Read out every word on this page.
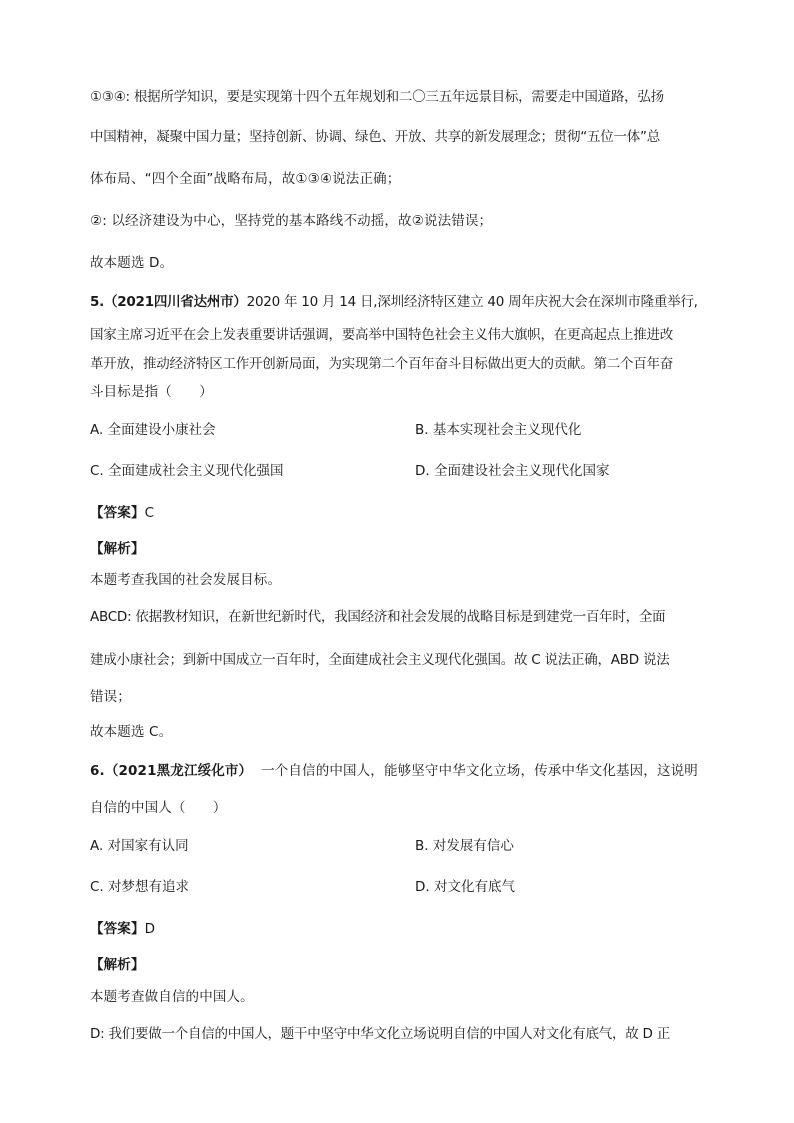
①③④: 根据所学知识，要是实现第十四个五年规划和二〇三五年远景目标，需要走中国道路，弘扬
中国精神，凝聚中国力量；坚持创新、协调、绿色、开放、共享的新发展理念；贯彻“五位一体”总
体布局、“四个全面”战略布局，故①③④说法正确；
②: 以经济建设为中心，坚持党的基本路线不动摇，故②说法错误；
故本题选 D。
5.（2021四川省达州市）2020 年 10 月 14 日,深圳经济特区建立 40 周年庆祝大会在深圳市隆重举行,
国家主席习近平在会上发表重要讲话强调，要高举中国特色社会主义伟大旗帜，在更高起点上推进改
革开放，推动经济特区工作开创新局面，为实现第二个百年奋斗目标做出更大的贡献。第二个百年奋
斗目标是指（　　）
A. 全面建设小康社会	B. 基本实现社会主义现代化
C. 全面建成社会主义现代化强国	D. 全面建设社会主义现代化国家
【答案】C
【解析】
本题考查我国的社会发展目标。
ABCD: 依据教材知识，在新世纪新时代，我国经济和社会发展的战略目标是到建党一百年时，全面
建成小康社会；到新中国成立一百年时，全面建成社会主义现代化强国。故 C 说法正确，ABD 说法
错误；
故本题选 C。
6.（2021黑龙江绥化市） 一个自信的中国人，能够坚守中华文化立场，传承中华文化基因，这说明
自信的中国人（　　）
A. 对国家有认同	B. 对发展有信心
C. 对梦想有追求	D. 对文化有底气
【答案】D
【解析】
本题考查做自信的中国人。
D: 我们要做一个自信的中国人，题干中坚守中华文化立场说明自信的中国人对文化有底气，故 D 正
